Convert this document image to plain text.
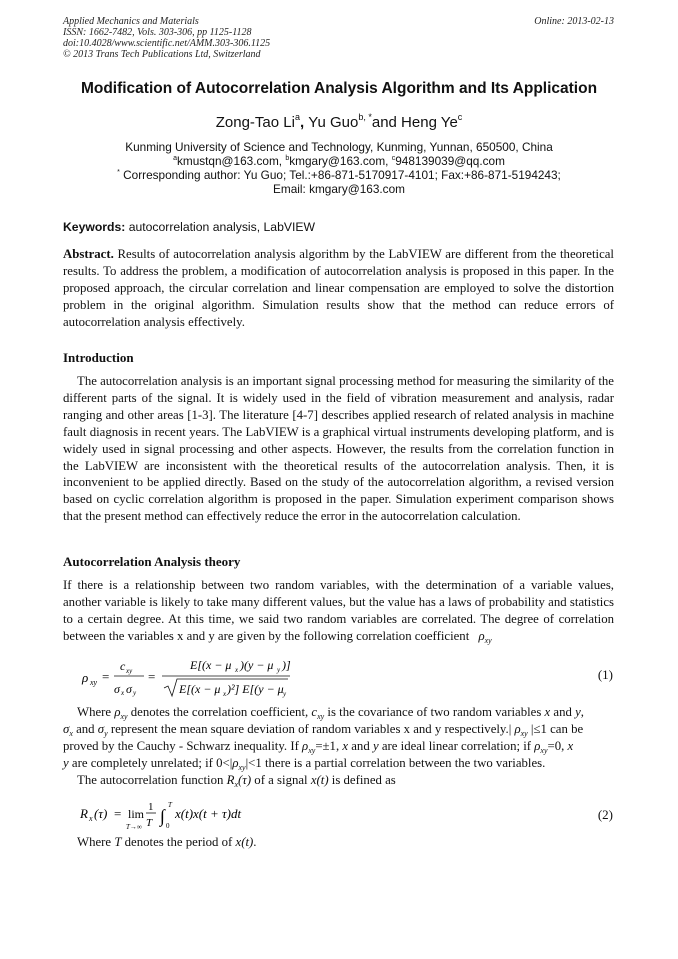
Applied Mechanics and Materials
ISSN: 1662-7482, Vols. 303-306, pp 1125-1128
doi:10.4028/www.scientific.net/AMM.303-306.1125
© 2013 Trans Tech Publications Ltd, Switzerland
Online: 2013-02-13
Modification of Autocorrelation Analysis Algorithm and Its Application
Zong-Tao Li$^a$, Yu Guo$^{b, *}$and Heng Ye$^c$
Kunming University of Science and Technology, Kunming, Yunnan, 650500, China
$^a$kmustqn@163.com, $^b$kmgary@163.com, $^c$948139039@qq.com
* Corresponding author: Yu Guo; Tel.:+86-871-5170917-4101; Fax:+86-871-5194243;
Email: kmgary@163.com
Keywords: autocorrelation analysis, LabVIEW
Abstract. Results of autocorrelation analysis algorithm by the LabVIEW are different from the theoretical results. To address the problem, a modification of autocorrelation analysis is proposed in this paper. In the proposed approach, the circular correlation and linear compensation are employed to solve the distortion problem in the original algorithm. Simulation results show that the method can reduce errors of autocorrelation analysis effectively.
Introduction
The autocorrelation analysis is an important signal processing method for measuring the similarity of the different parts of the signal. It is widely used in the field of vibration measurement and analysis, radar ranging and other areas [1-3]. The literature [4-7] describes applied research of related analysis in machine fault diagnosis in recent years. The LabVIEW is a graphical virtual instruments developing platform, and is widely used in signal processing and other aspects. However, the results from the correlation function in the LabVIEW are inconsistent with the theoretical results of the autocorrelation analysis. Then, it is inconvenient to be applied directly. Based on the study of the autocorrelation algorithm, a revised version based on cyclic correlation algorithm is proposed in the paper. Simulation experiment comparison shows that the present method can effectively reduce the error in the autocorrelation calculation.
Autocorrelation Analysis theory
If there is a relationship between two random variables, with the determination of a variable values, another variable is likely to take many different values, but the value has a laws of probability and statistics to a certain degree. At this time, we said two random variables are correlated. The degree of correlation between the variables x and y are given by the following correlation coefficient $\rho_{xy}$
ρ xy =
c xy
σ x σ y
=
E[(x − μ x )(y − μ y )]
E[(x − μ x )²] E[(y − μ y
(1)
Where $\rho_{xy}$ denotes the correlation coefficient, $c_{xy}$ is the covariance of two random variables x and y,
$\sigma_x$ and $\sigma_y$ represent the mean square deviation of random variables x and y respectively.| $\rho_{xy}$ |≤1 can be
proved by the Cauchy - Schwarz inequality. If $\rho_{xy}=\pm 1$, x and y are ideal linear correlation; if $\rho_{xy}=0$, x
y are completely unrelated; if $0<|\rho_{xy}|<1$ there is a partial correlation between the two variables.
The autocorrelation function $R_x(\tau)$ of a signal x(t) is defined as
R x (τ) = lim
T→∞
1
T ∫
T
0
x(t)x(t + τ)dt	(2)
Where T denotes the period of x(t).
